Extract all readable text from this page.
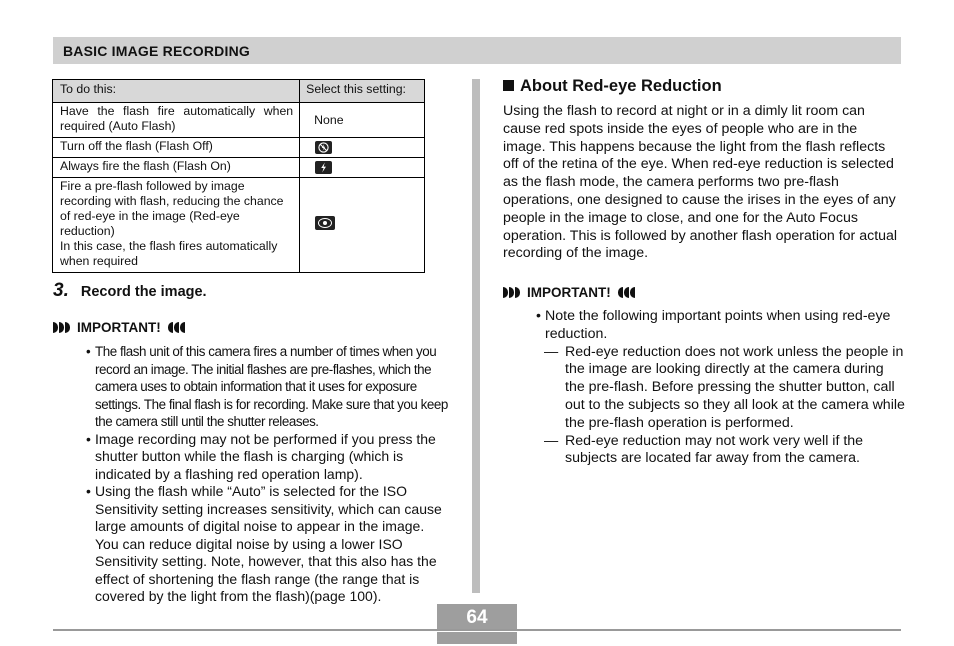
BASIC IMAGE RECORDING
To do this:	Select this setting:
Have the flash fire automatically when required (Auto Flash)	None
Turn off the flash (Flash Off)	

Always fire the flash (Flash On)	

Fire a pre-flash followed by image recording with flash, reducing the chance of red-eye in the image (Red-eye reduction)
In this case, the flash fires automatically when required	

3. Record the image.
IMPORTANT!
• The flash unit of this camera fires a number of times when you record an image. The initial flashes are pre-flashes, which the camera uses to obtain information that it uses for exposure settings. The final flash is for recording. Make sure that you keep the camera still until the shutter releases.
• Image recording may not be performed if you press the shutter button while the flash is charging (which is indicated by a flashing red operation lamp).
• Using the flash while “Auto” is selected for the ISO Sensitivity setting increases sensitivity, which can cause large amounts of digital noise to appear in the image. You can reduce digital noise by using a lower ISO Sensitivity setting. Note, however, that this also has the effect of shortening the flash range (the range that is covered by the light from the flash)(page 100).
About Red-eye Reduction
Using the flash to record at night or in a dimly lit room can cause red spots inside the eyes of people who are in the image. This happens because the light from the flash reflects off of the retina of the eye. When red-eye reduction is selected as the flash mode, the camera performs two pre-flash operations, one designed to cause the irises in the eyes of any people in the image to close, and one for the Auto Focus operation. This is followed by another flash operation for actual recording of the image.
IMPORTANT!
• Note the following important points when using red-eye reduction.
— Red-eye reduction does not work unless the people in the image are looking directly at the camera during the pre-flash. Before pressing the shutter button, call out to the subjects so they all look at the camera while the pre-flash operation is performed.
— Red-eye reduction may not work very well if the subjects are located far away from the camera.
64
